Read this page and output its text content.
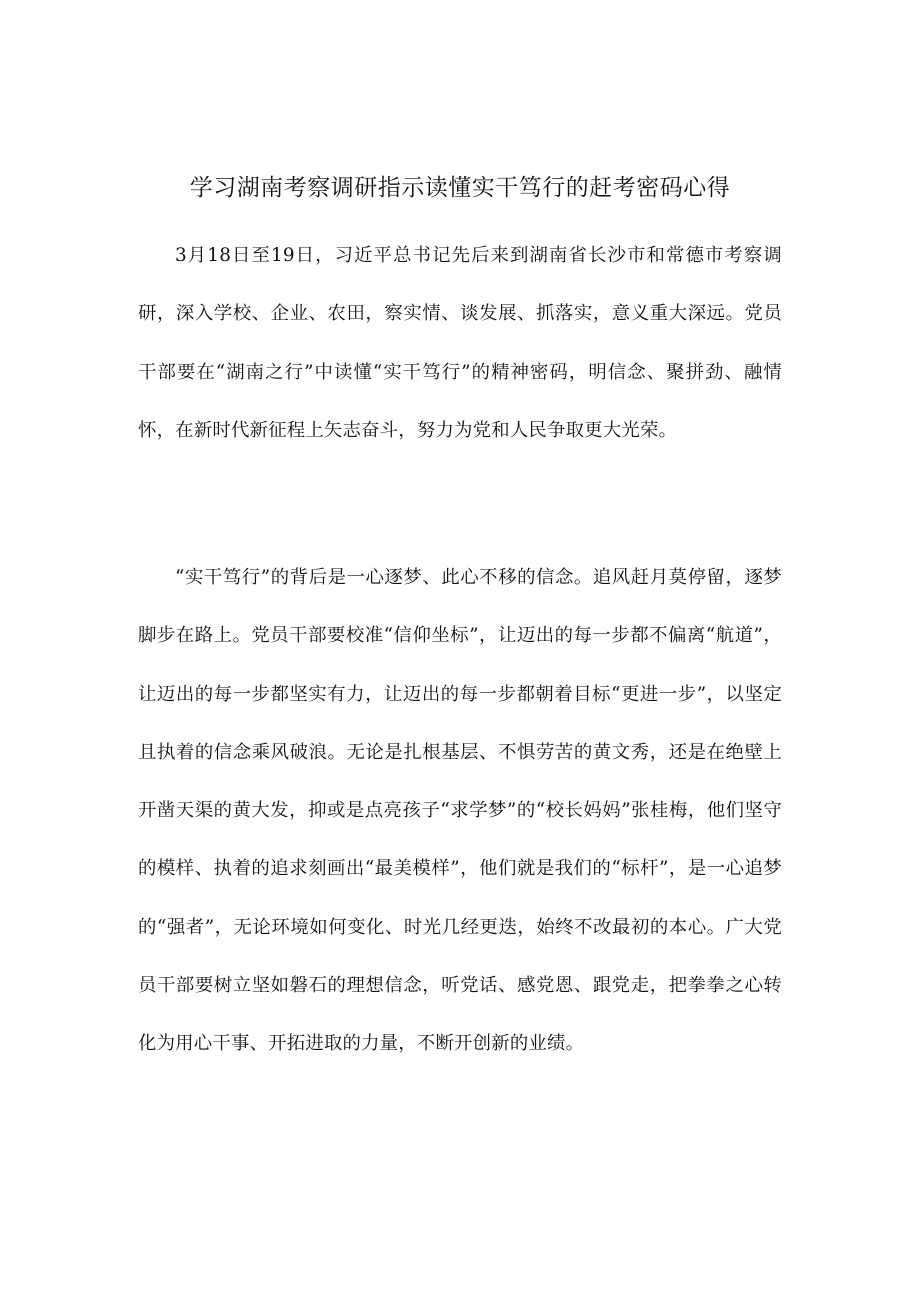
学习湖南考察调研指示读懂实干笃行的赶考密码心得

3月18日至19日，习近平总书记先后来到湖南省长沙市和常德市考察调研，深入学校、企业、农田，察实情、谈发展、抓落实，意义重大深远。党员干部要在“湖南之行”中读懂“实干笃行”的精神密码，明信念、聚拼劲、融情怀，在新时代新征程上矢志奋斗，努力为党和人民争取更大光荣。

“实干笃行”的背后是一心逐梦、此心不移的信念。追风赶月莫停留，逐梦脚步在路上。党员干部要校准“信仰坐标”，让迈出的每一步都不偏离“航道”，让迈出的每一步都坚实有力，让迈出的每一步都朝着目标“更进一步”，以坚定且执着的信念乘风破浪。无论是扎根基层、不惧劳苦的黄文秀，还是在绝壁上开凿天渠的黄大发，抑或是点亮孩子“求学梦”的“校长妈妈”张桂梅，他们坚守的模样、执着的追求刻画出“最美模样”，他们就是我们的“标杆”，是一心追梦的“强者”，无论环境如何变化、时光几经更迭，始终不改最初的本心。广大党员干部要树立坚如磐石的理想信念，听党话、感党恩、跟党走，把拳拳之心转化为用心干事、开拓进取的力量，不断开创新的业绩。
